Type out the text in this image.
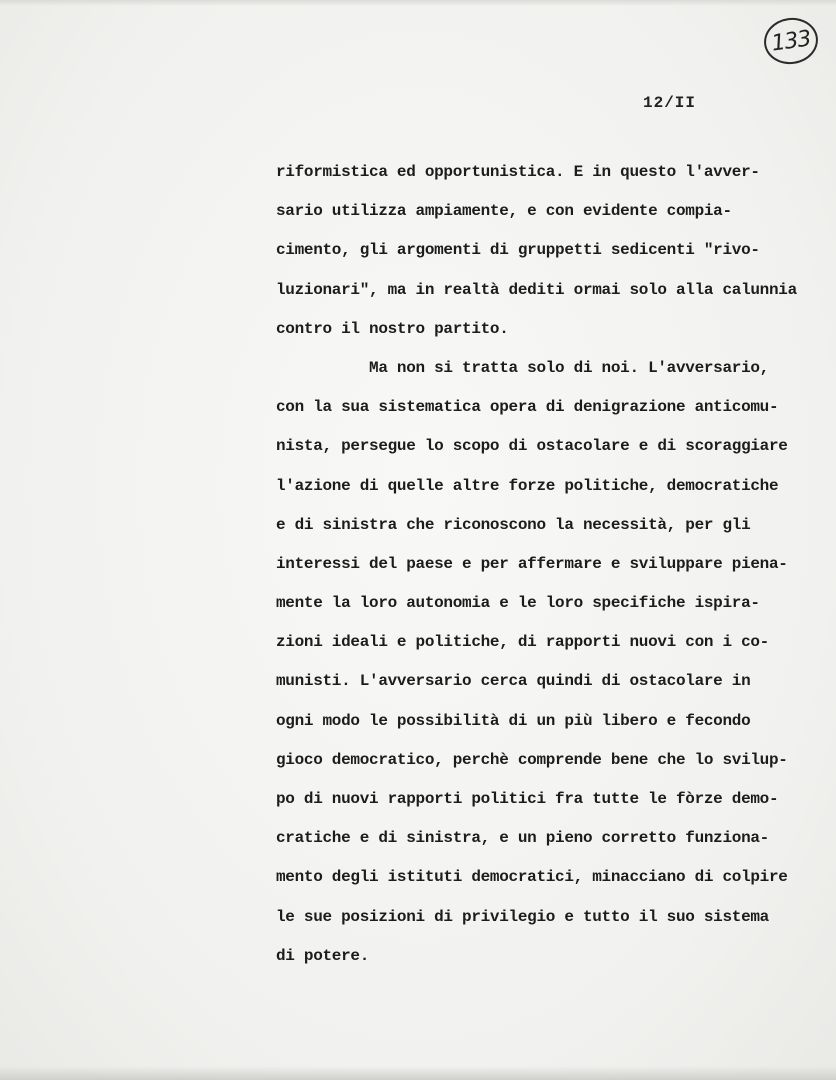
133
12/II
riformistica ed opportunistica. E in questo l'avver-
sario utilizza ampiamente, e con evidente compia-
cimento, gli argomenti di gruppetti sedicenti "rivo-
luzionari", ma in realtà dediti ormai solo alla calunnia
contro il nostro partito.
Ma non si tratta solo di noi. L'avversario,
con la sua sistematica opera di denigrazione anticomu-
nista, persegue lo scopo di ostacolare e di scoraggiare
l'azione di quelle altre forze politiche, democratiche
e di sinistra che riconoscono la necessità, per gli
interessi del paese e per affermare e sviluppare piena-
mente la loro autonomia e le loro specifiche ispira-
zioni ideali e politiche, di rapporti nuovi con i co-
munisti. L'avversario cerca quindi di ostacolare in
ogni modo le possibilità di un più libero e fecondo
gioco democratico, perchè comprende bene che lo svilup-
po di nuovi rapporti politici fra tutte le fòrze demo-
cratiche e di sinistra, e un pieno corretto funziona-
mento degli istituti democratici, minacciano di colpire
le sue posizioni di privilegio e tutto il suo sistema
di potere.
